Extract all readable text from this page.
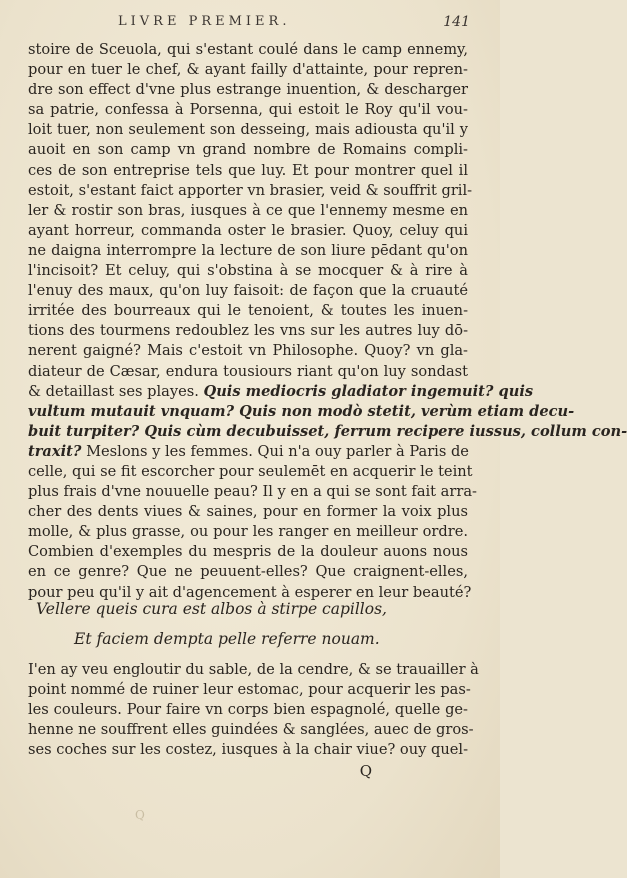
LIVRE PREMIER.	141
stoire de Sceuola, qui s'estant coulé dans le camp ennemy,
pour en tuer le chef, & ayant failly d'attainte, pour repren-
dre son effect d'vne plus estrange inuention, & descharger
sa patrie, confessa à Porsenna, qui estoit le Roy qu'il vou-
loit tuer, non seulement son desseing, mais adiousta qu'il y
auoit en son camp vn grand nombre de Romains compli-
ces de son entreprise tels que luy. Et pour montrer quel il
estoit, s'estant faict apporter vn brasier, veid & souffrit gril-
ler & rostir son bras, iusques à ce que l'ennemy mesme en
ayant horreur, commanda oster le brasier. Quoy, celuy qui
ne daigna interrompre la lecture de son liure pēdant qu'on
l'incisoit? Et celuy, qui s'obstina à se mocquer & à rire à
l'enuy des maux, qu'on luy faisoit: de façon que la cruauté
irritée des bourreaux qui le tenoient, & toutes les inuen-
tions des tourmens redoublez les vns sur les autres luy dō-
nerent gaigné? Mais c'estoit vn Philosophe. Quoy? vn gla-
diateur de Cæsar, endura tousiours riant qu'on luy sondast
& detaillast ses playes. Quis mediocris gladiator ingemuit? quis
vultum mutauit vnquam? Quis non modò stetit, verùm etiam decu-
buit turpiter? Quis cùm decubuisset, ferrum recipere iussus, collum con-
traxit? Meslons y les femmes. Qui n'a ouy parler à Paris de
celle, qui se fit escorcher pour seulemēt en acquerir le teint
plus frais d'vne nouuelle peau? Il y en a qui se sont fait arra-
cher des dents viues & saines, pour en former la voix plus
molle, & plus grasse, ou pour les ranger en meilleur ordre.
Combien d'exemples du mespris de la douleur auons nous
en ce genre? Que ne peuuent-elles? Que craignent-elles,
pour peu qu'il y ait d'agencement à esperer en leur beauté?
Vellere queis cura est albos à stirpe capillos,
Et faciem dempta pelle referre nouam.
I'en ay veu engloutir du sable, de la cendre, & se trauailler à
point nommé de ruiner leur estomac, pour acquerir les pas-
les couleurs. Pour faire vn corps bien espagnolé, quelle ge-
henne ne souffrent elles guindées & sanglées, auec de gros-
ses coches sur les costez, iusques à la chair viue? ouy quel-
Q
Q
